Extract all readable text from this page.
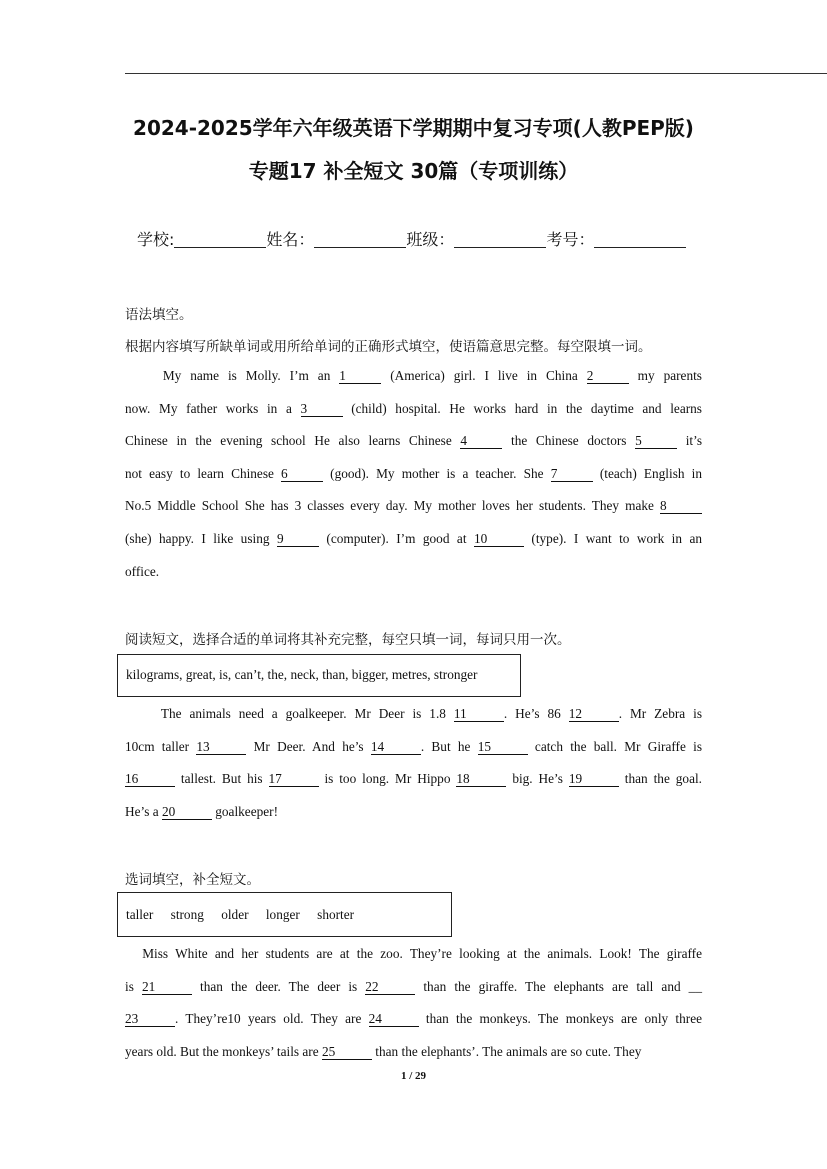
2024-2025学年六年级英语下学期期中复习专项(人教PEP版)
专题17 补全短文 30篇（专项训练）
学校:	姓名：	班级：	考号：
语法填空。
根据内容填写所缺单词或用所给单词的正确形式填空，使语篇意思完整。每空限填一词。
　　My name is Molly. I’m an 1	(America) girl. I live in China 2	my parents
now. My father works in a 3	(child) hospital. He works hard in the daytime and learns
Chinese in the evening school He also learns Chinese 4	the Chinese doctors 5	it’s
not easy to learn Chinese 6	(good). My mother is a teacher. She 7	(teach) English in
No.5 Middle School She has 3 classes every day. My mother loves her students. They make 8
(she) happy. I like using 9	(computer). I’m good at 10	(type). I want to work in an
office.
阅读短文，选择合适的单词将其补充完整，每空只填一词，每词只用一次。
kilograms, great, is, can’t, the, neck, than, bigger, metres, stronger
　　The animals need a goalkeeper. Mr Deer is 1.8 11	. He’s 86 12	. Mr Zebra is
10cm taller 13	Mr Deer. And he’s 14	. But he 15	catch the ball. Mr Giraffe is
16	tallest. But his 17	is too long. Mr Hippo 18	big. He’s 19	than the goal.
He’s a 20	goalkeeper!
选词填空，补全短文。
taller strong older longer shorter
　Miss White and her students are at the zoo. They’re looking at the animals. Look! The giraffe
is 21	than the deer. The deer is 22	than the giraffe. The elephants are tall and __
23	. They’re10 years old. They are 24	than the monkeys. The monkeys are only three
years old. But the monkeys’ tails are 25	than the elephants’. The animals are so cute. They
1 / 29
